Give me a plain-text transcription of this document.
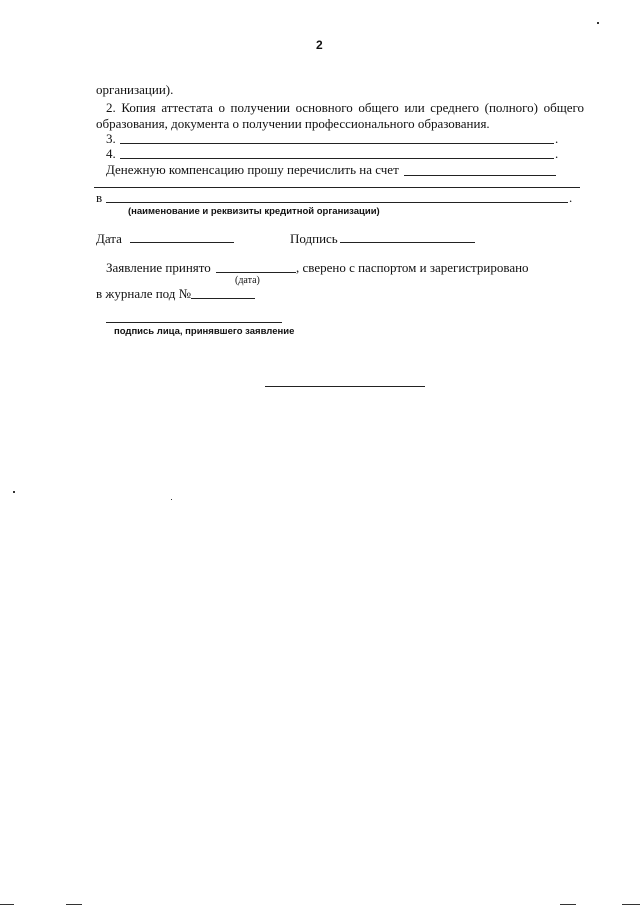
2
организации).
2. Копия аттестата о получении основного общего или среднего (полного) общего
образования, документа о получении профессионального образования.
3.	.
4.	.
Денежную компенсацию прошу перечислить на счет
в	.
(наименование и реквизиты кредитной организации)
Дата	Подпись
Заявление принято	, сверено с паспортом и зарегистрировано
(дата)
в журнале под №
подпись лица, принявшего заявление
